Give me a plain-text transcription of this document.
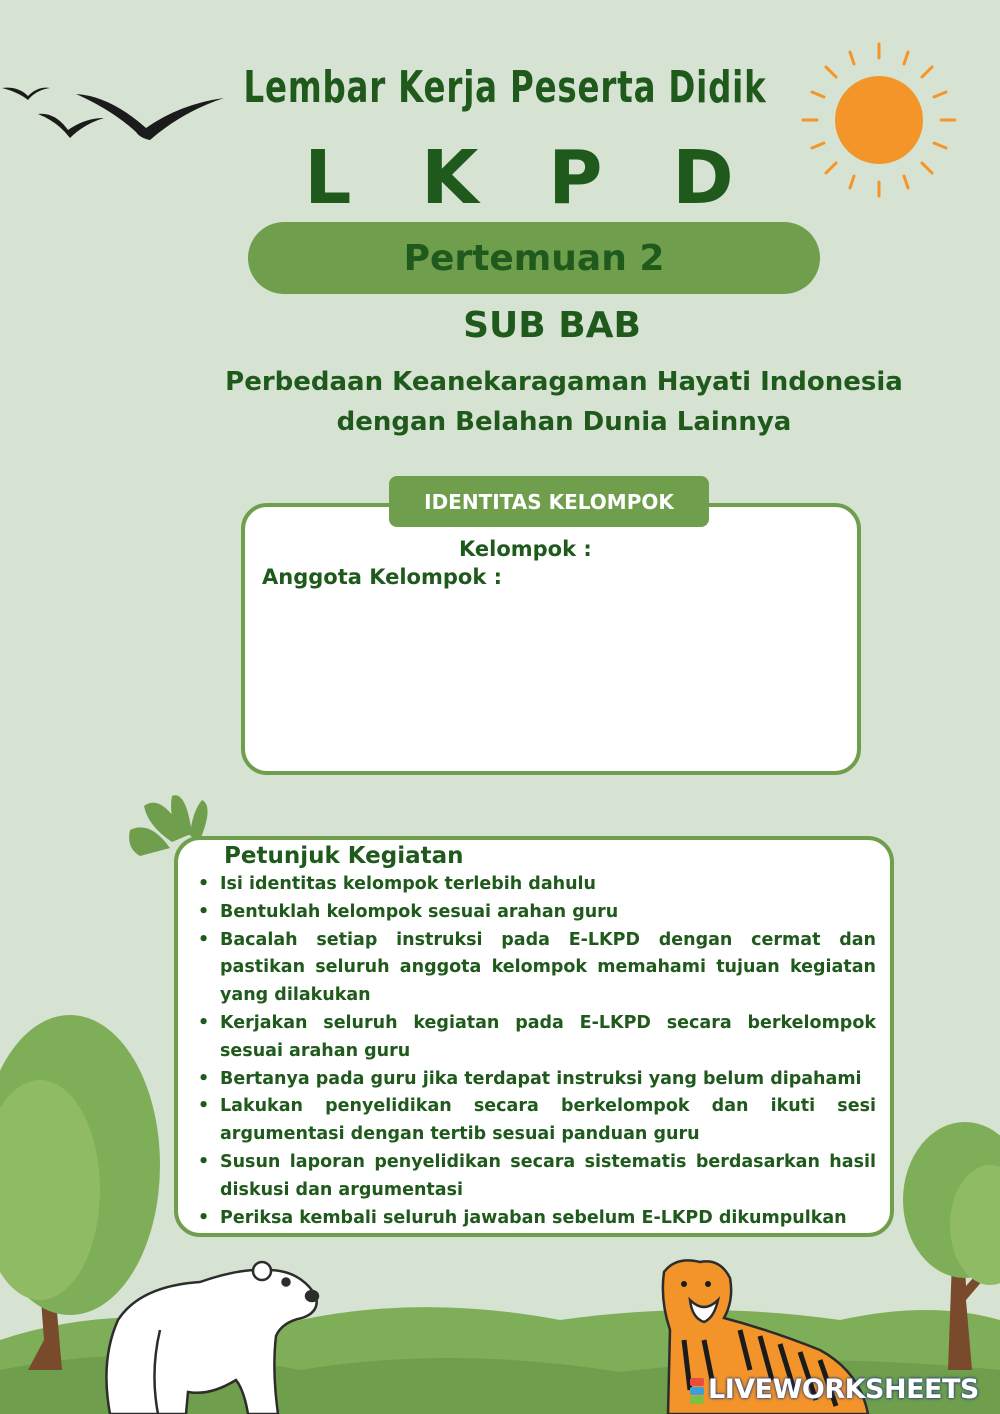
Lembar Kerja Peserta Didik
L K P D
Pertemuan 2
SUB BAB
Perbedaan Keanekaragaman Hayati Indonesia
dengan Belahan Dunia Lainnya
IDENTITAS KELOMPOK
Kelompok :
Anggota Kelompok :
Petunjuk Kegiatan
• Isi identitas kelompok terlebih dahulu
• Bentuklah kelompok sesuai arahan guru
• Bacalah setiap instruksi pada E-LKPD dengan cermat dan pastikan seluruh anggota kelompok memahami tujuan kegiatan yang dilakukan
• Kerjakan seluruh kegiatan pada E-LKPD secara berkelompok sesuai arahan guru
• Bertanya pada guru jika terdapat instruksi yang belum dipahami
• Lakukan penyelidikan secara berkelompok dan ikuti sesi argumentasi dengan tertib sesuai panduan guru
• Susun laporan penyelidikan secara sistematis berdasarkan hasil diskusi dan argumentasi
• Periksa kembali seluruh jawaban sebelum E-LKPD dikumpulkan
LIVEWORKSHEETS
